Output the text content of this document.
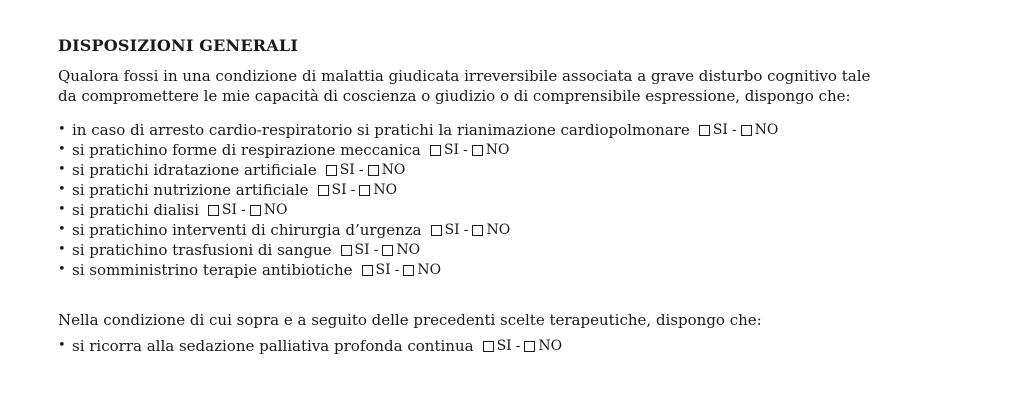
DISPOSIZIONI GENERALI

Qualora fossi in una condizione di malattia giudicata irreversibile associata a grave disturbo cognitivo tale

da compromettere le mie capacità di coscienza o giudizio o di comprensibile espressione, dispongo che:

• in caso di arresto cardio-respiratorio si pratichi la rianimazione cardiopolmonare SI - NO
• si pratichino forme di respirazione meccanica SI - NO
• si pratichi idratazione artificiale SI - NO
• si pratichi nutrizione artificiale SI - NO
• si pratichi dialisi SI - NO
• si pratichino interventi di chirurgia d’urgenza SI - NO
• si pratichino trasfusioni di sangue SI - NO
• si somministrino terapie antibiotiche SI - NO

Nella condizione di cui sopra e a seguito delle precedenti scelte terapeutiche, dispongo che:

• si ricorra alla sedazione palliativa profonda continua SI - NO
